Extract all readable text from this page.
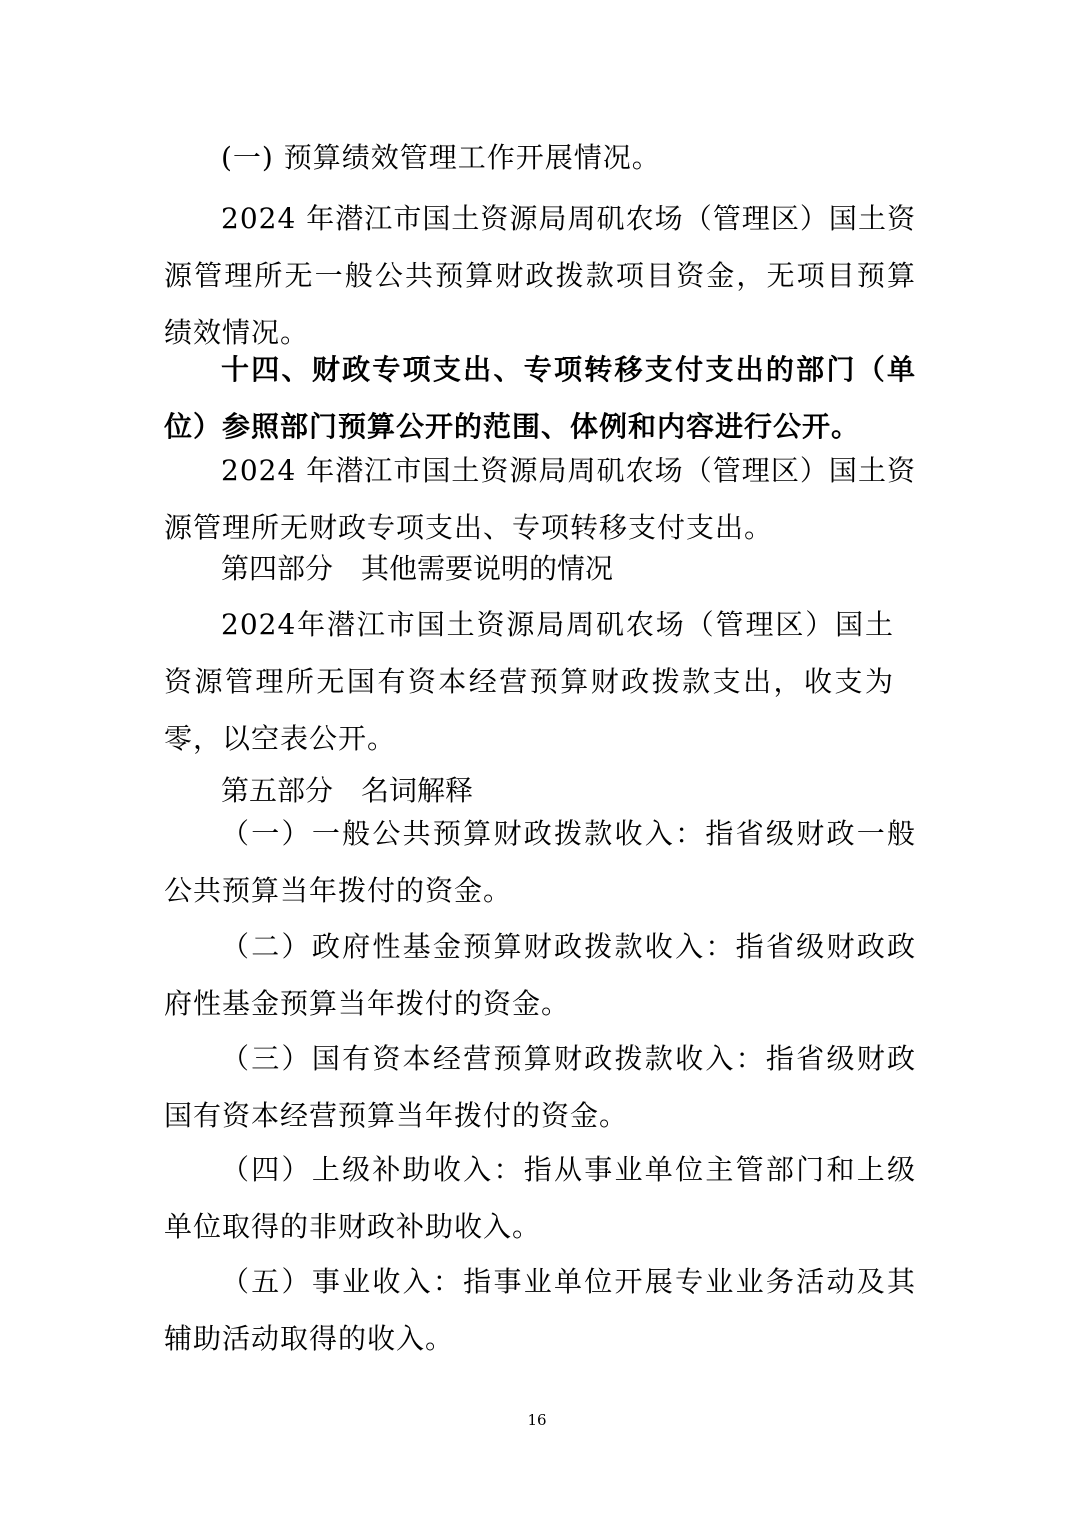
(一) 预算绩效管理工作开展情况。

2024 年潜江市国土资源局周矶农场（管理区）国土资源管理所无一般公共预算财政拨款项目资金，无项目预算绩效情况。

十四、财政专项支出、专项转移支付支出的部门（单位）参照部门预算公开的范围、体例和内容进行公开。

2024 年潜江市国土资源局周矶农场（管理区）国土资源管理所无财政专项支出、专项转移支付支出。

第四部分　其他需要说明的情况

2024年潜江市国土资源局周矶农场（管理区）国土资源管理所无国有资本经营预算财政拨款支出，收支为零，以空表公开。

第五部分　名词解释

（一）一般公共预算财政拨款收入：指省级财政一般公共预算当年拨付的资金。

（二）政府性基金预算财政拨款收入：指省级财政政府性基金预算当年拨付的资金。

（三）国有资本经营预算财政拨款收入：指省级财政国有资本经营预算当年拨付的资金。

（四）上级补助收入：指从事业单位主管部门和上级单位取得的非财政补助收入。

（五）事业收入：指事业单位开展专业业务活动及其辅助活动取得的收入。

16
